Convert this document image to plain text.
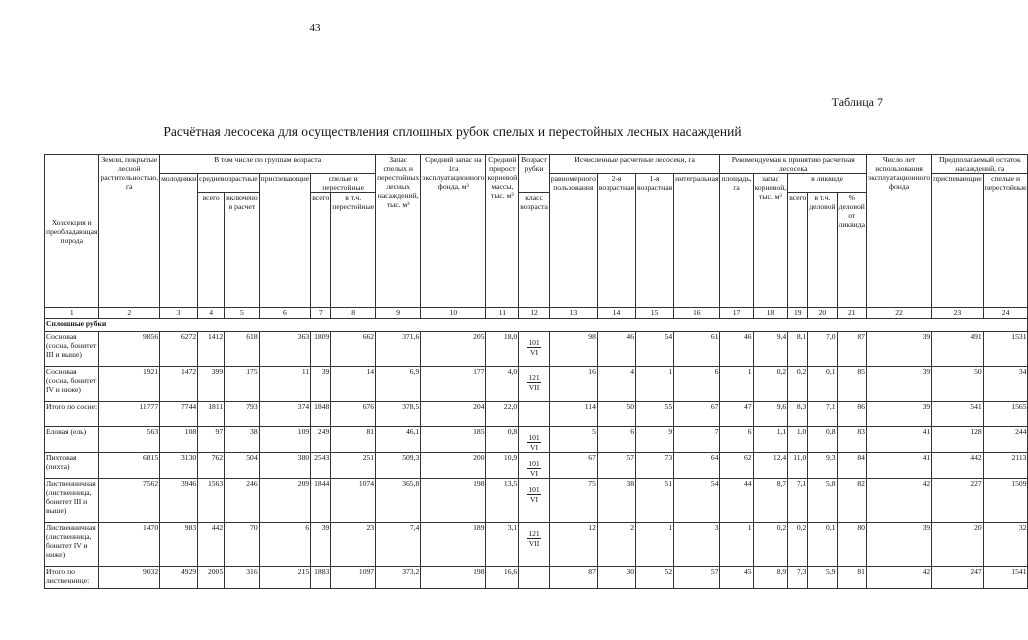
43
Таблица 7
Расчётная лесосека для осуществления сплошных рубок спелых и перестойных лесных насаждений
Хозсекция и преобладающая порода	Земли, покрытые лесной растительностью, га	В том числе по группам возраста						Запас спелых и перестойных лесных насаждений, тыс. м³	Средний запас на 1га эксплуатационного фонда, м³	Средний прирост корневой массы, тыс. м³	Возраст рубки	Исчисленные расчетные лесосеки, га				Рекомендуемая к принятию расчетная лесосека					Число лет использования эксплуатационного фонда	Предполагаемый остаток насаждений, га	
		молодняки	средневозрастные		приспевающие	спелые и перестойные						равномерного пользования	2-я возрастная	1-я возрастная	интегральная	площадь, га	запас корневой, тыс. м³	в ликвиде				приспевающие	спелые и перестойные
			всего	включено в расчет		всего	в т.ч. перестойные				класс возраста							всего	в т.ч. деловой	% деловой от ликвида			
1	2	3	4	5	6	7	8	9	10	11	12	13	14	15	16	17	18	19	20	21	22	23	24
Сплошные рубки																							
Сосновая (сосна, бонитет III и выше)	9856	6272	1412	618	363	1809	662	371,6	205	18,0	$\frac{101}{VI}$	98	46	54	61	46	9,4	8,1	7,0	87	39	491	1531
Сосновая (сосна, бонитет IV и ниже)	1921	1472	399	175	11	39	14	6,9	177	4,0	$\frac{121}{\text{VII}}$	16	4	1	6	1	0,2	0,2	0,1	85	39	50	34
Итого по сосне:	11777	7744	1811	793	374	1848	676	378,5	204	22,0		114	50	55	67	47	9,6	8,3	7,1	86	39	541	1565
Еловая (ель)	563	108	97	38	109	249	81	46,1	185	0,8	$\frac{101}{VI}$	5	6	9	7	6	1,1	1,0	0,8	83	41	128	244
Пихтовая (пихта)	6815	3130	762	504	380	2543	251	509,3	200	10,9	$\frac{101}{VI}$	67	57	73	64	62	12,4	11,0	9,3	84	41	442	2113
Лиственничная (лиственница, бонитет III и выше)	7562	3946	1563	246	209	1844	1074	365,8	198	13,5	$\frac{101}{VI}$	75	38	51	54	44	8,7	7,1	5,8	82	42	227	1509
Лиственничная (лиственница, бонитет IV и ниже)	1470	983	442	70	6	39	23	7,4	189	3,1	$\frac{121}{\text{VII}}$	12	2	1	3	1	0,2	0,2	0,1	80	39	20	32
Итого по лиственнице:	9032	4929	2005	316	215	1883	1097	373,2	198	16,6		87	30	52	57	45	8,9	7,3	5,9	81	42	247	1541
